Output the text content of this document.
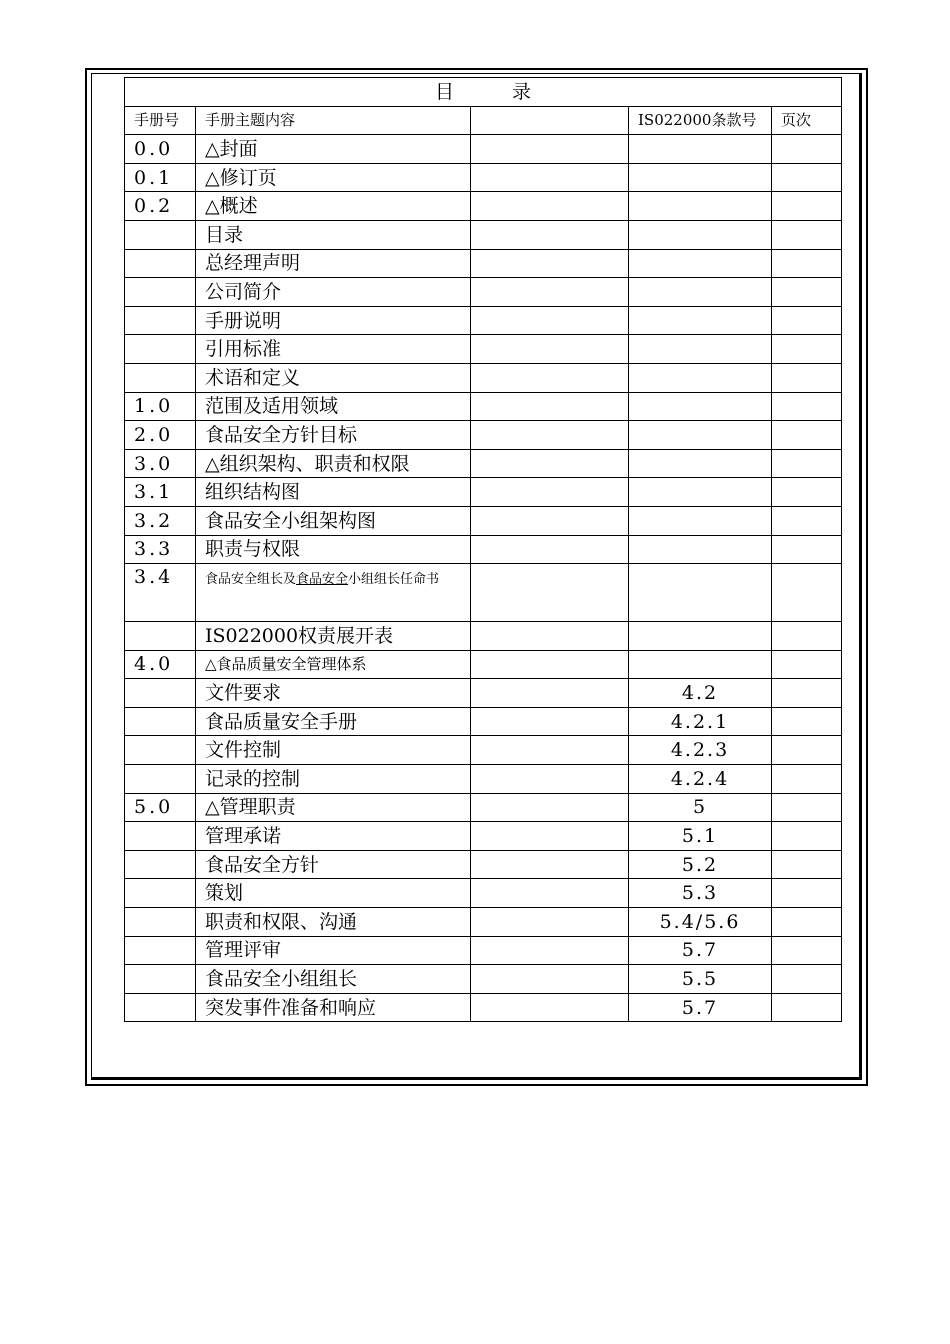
目 录				
手册号	手册主题内容		IS022000条款号	页次
0.0	△封面			
0.1	△修订页			
0.2	△概述			
	目录			
	总经理声明			
	公司简介			
	手册说明			
	引用标准			
	术语和定义			
1.0	范围及适用领域			
2.0	食品安全方针目标			
3.0	△组织架构、职责和权限			
3.1	组织结构图			
3.2	食品安全小组架构图			
3.3	职责与权限			
3.4	食品安全组长及食品安全小组组长任命书			
	IS022000权责展开表			
4.0	△食品质量安全管理体系			
	文件要求		4.2	
	食品质量安全手册		4.2.1	
	文件控制		4.2.3	
	记录的控制		4.2.4	
5.0	△管理职责		5	
	管理承诺		5.1	
	食品安全方针		5.2	
	策划		5.3	
	职责和权限、沟通		5.4/5.6	
	管理评审		5.7	
	食品安全小组组长		5.5	
	突发事件准备和响应		5.7	
